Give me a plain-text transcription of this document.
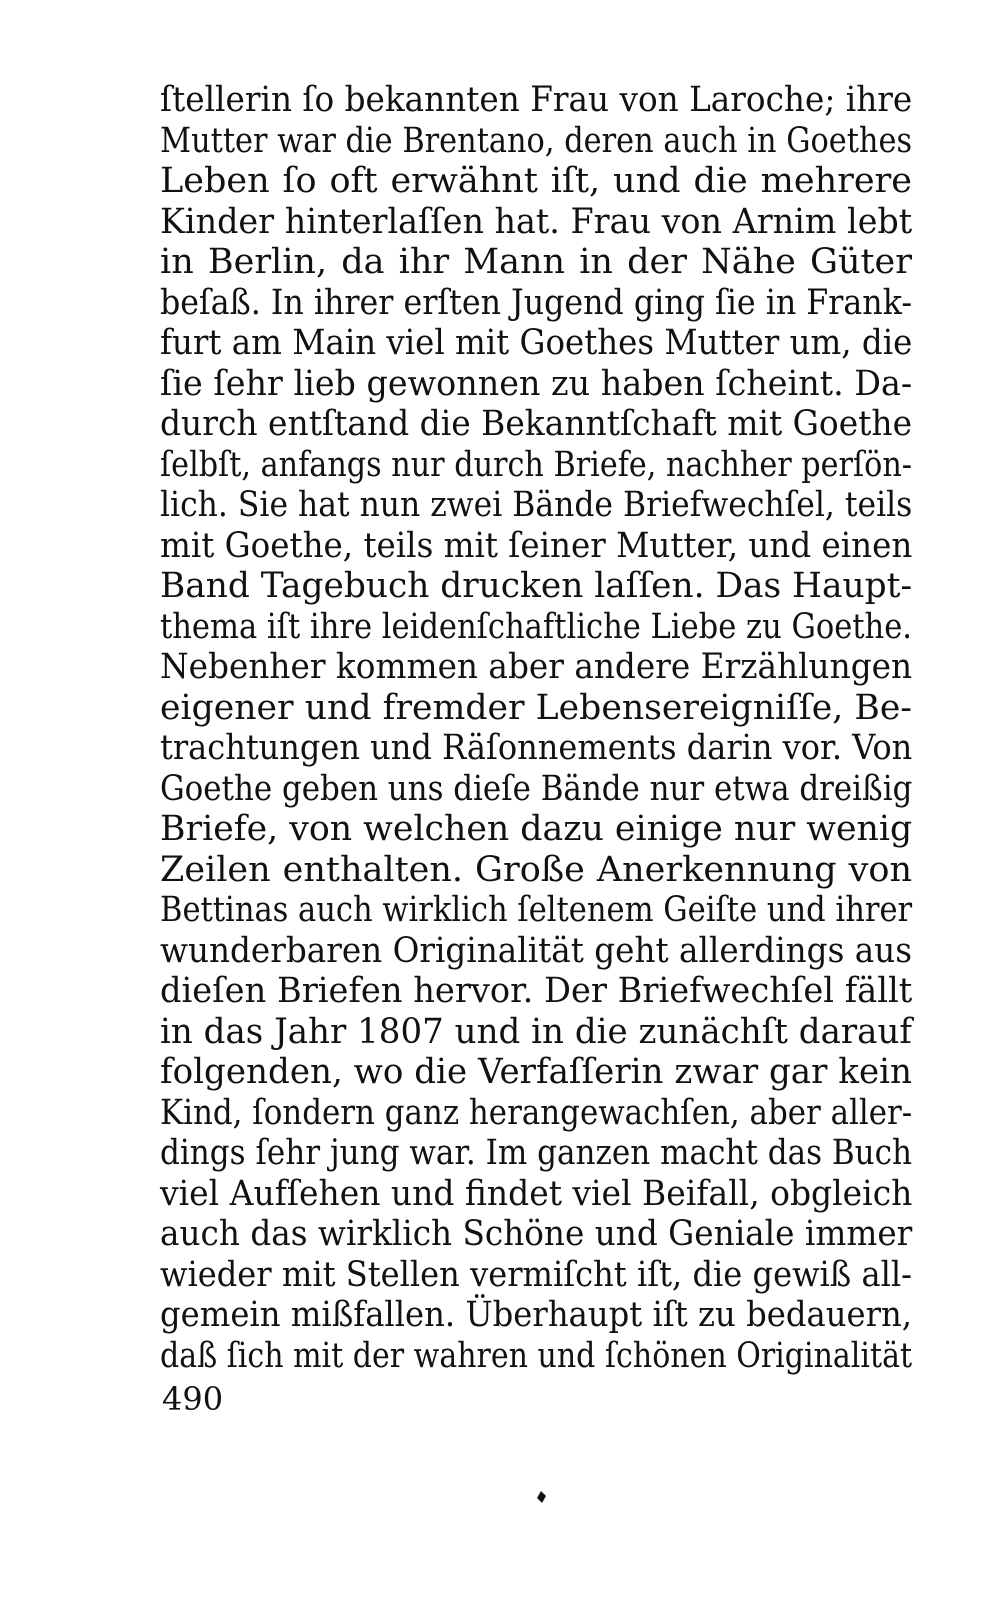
ſtellerin ſo bekannten Frau von Laroche; ihre
Mutter war die Brentano, deren auch in Goethes
Leben ſo oft erwähnt iſt, und die mehrere
Kinder hinterlaſſen hat. Frau von Arnim lebt
in Berlin, da ihr Mann in der Nähe Güter
beſaß. In ihrer erſten Jugend ging ſie in Frank-
furt am Main viel mit Goethes Mutter um, die
ſie ſehr lieb gewonnen zu haben ſcheint. Da-
durch entſtand die Bekanntſchaft mit Goethe
ſelbſt, anfangs nur durch Briefe, nachher perſön-
lich. Sie hat nun zwei Bände Briefwechſel, teils
mit Goethe, teils mit ſeiner Mutter, und einen
Band Tagebuch drucken laſſen. Das Haupt-
thema iſt ihre leidenſchaftliche Liebe zu Goethe.
Nebenher kommen aber andere Erzählungen
eigener und fremder Lebensereigniſſe, Be-
trachtungen und Räſonnements darin vor. Von
Goethe geben uns dieſe Bände nur etwa dreißig
Briefe, von welchen dazu einige nur wenig
Zeilen enthalten. Große Anerkennung von
Bettinas auch wirklich ſeltenem Geiſte und ihrer
wunderbaren Originalität geht allerdings aus
dieſen Briefen hervor. Der Briefwechſel fällt
in das Jahr 1807 und in die zunächſt darauf
folgenden, wo die Verfaſſerin zwar gar kein
Kind, ſondern ganz herangewachſen, aber aller-
dings ſehr jung war. Im ganzen macht das Buch
viel Aufſehen und findet viel Beifall, obgleich
auch das wirklich Schöne und Geniale immer
wieder mit Stellen vermiſcht iſt, die gewiß all-
gemein mißfallen. Überhaupt iſt zu bedauern,
daß ſich mit der wahren und ſchönen Originalität
490
